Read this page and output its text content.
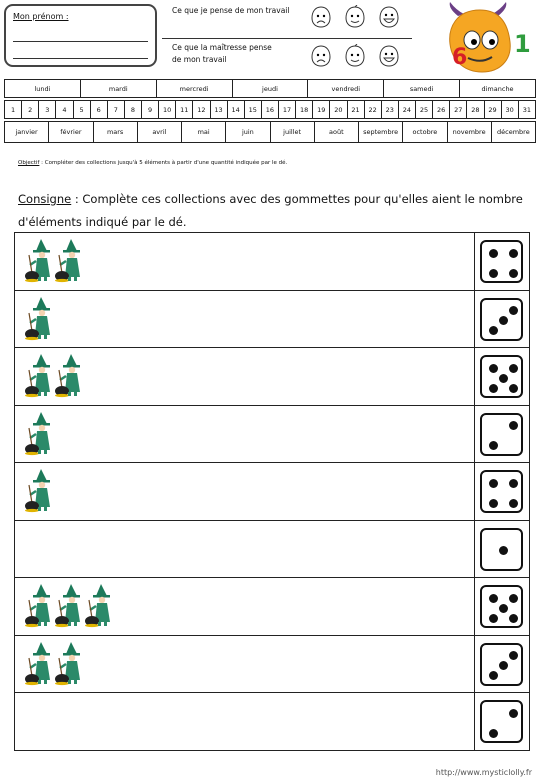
Mon prénom :
Ce que je pense de mon travail
Ce que la maîtresse pense de mon travail	6 1
lundi	mardi	mercredi	jeudi	vendredi	samedi	dimanche
1	2	3	4	5	6	7	8	9	10	11	12	13	14	15	16	17	18	19	20	21	22	23	24	25	26	27	28	29	30	31
janvier	février	mars	avril	mai	juin	juillet	août	septembre	octobre	novembre	décembre
Objectif : Compléter des collections jusqu'à 5 éléments à partir d'une quantité indiquée par le dé.
Consigne : Complète ces collections avec des gommettes pour qu'elles aient le nombre d'éléments indiqué par le dé.
http://www.mysticlolly.fr
